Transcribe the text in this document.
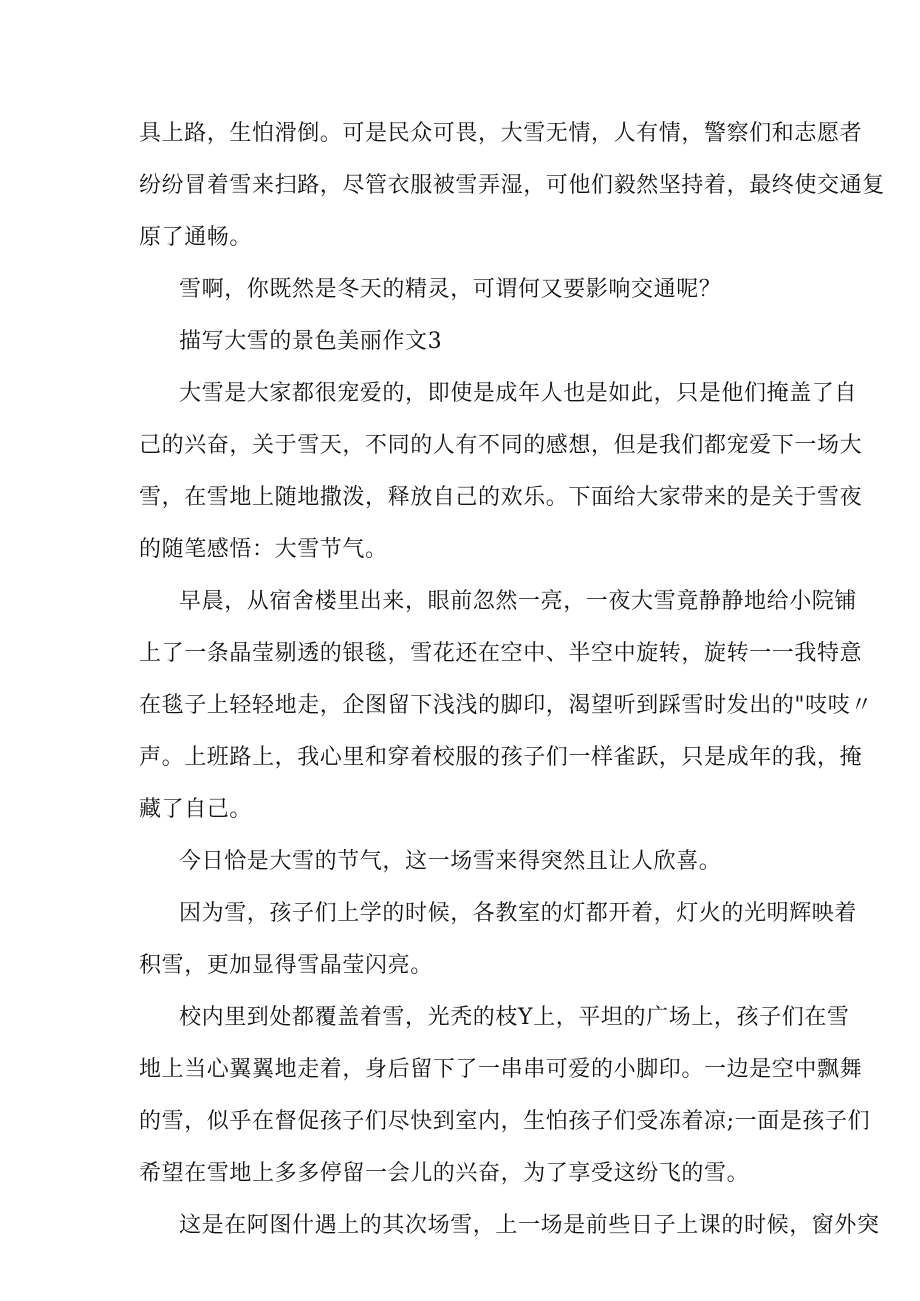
具上路，生怕滑倒。可是民众可畏，大雪无情，人有情，警察们和志愿者
纷纷冒着雪来扫路，尽管衣服被雪弄湿，可他们毅然坚持着，最终使交通复
原了通畅。
雪啊，你既然是冬天的精灵，可谓何又要影响交通呢？
描写大雪的景色美丽作文3
大雪是大家都很宠爱的，即使是成年人也是如此，只是他们掩盖了自
己的兴奋，关于雪天，不同的人有不同的感想，但是我们都宠爱下一场大
雪，在雪地上随地撒泼，释放自己的欢乐。下面给大家带来的是关于雪夜
的随笔感悟：大雪节气。
早晨，从宿舍楼里出来，眼前忽然一亮，一夜大雪竟静静地给小院铺
上了一条晶莹剔透的银毯，雪花还在空中、半空中旋转，旋转一一我特意
在毯子上轻轻地走，企图留下浅浅的脚印，渴望听到踩雪时发出的"吱吱〃
声。上班路上，我心里和穿着校服的孩子们一样雀跃，只是成年的我，掩
藏了自己。
今日恰是大雪的节气，这一场雪来得突然且让人欣喜。
因为雪，孩子们上学的时候，各教室的灯都开着，灯火的光明辉映着
积雪，更加显得雪晶莹闪亮。
校内里到处都覆盖着雪，光秃的枝Y上，平坦的广场上，孩子们在雪
地上当心翼翼地走着，身后留下了一串串可爱的小脚印。一边是空中飘舞
的雪，似乎在督促孩子们尽快到室内，生怕孩子们受冻着凉;一面是孩子们
希望在雪地上多多停留一会儿的兴奋，为了享受这纷飞的雪。
这是在阿图什遇上的其次场雪，上一场是前些日子上课的时候，窗外突
